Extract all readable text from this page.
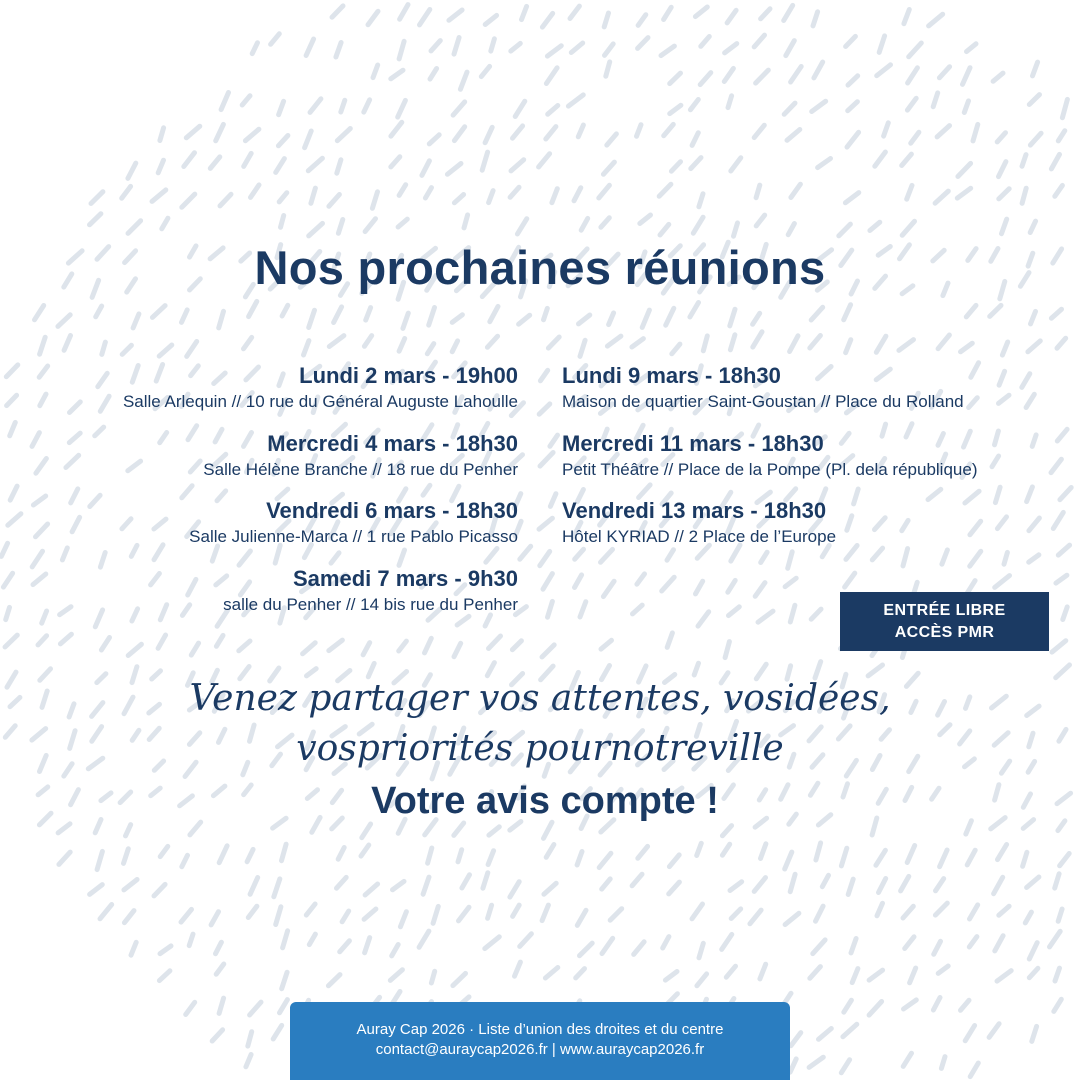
Nos prochaines réunions
Lundi 2 mars - 19h00
Salle Arlequin // 10 rue du Général Auguste Lahoulle
Mercredi 4 mars - 18h30
Salle Hélène Branche // 18 rue du Penher
Vendredi 6 mars - 18h30
Salle Julienne-Marca // 1 rue Pablo Picasso
Samedi 7 mars - 9h30
salle du Penher // 14 bis rue du Penher
Lundi 9 mars - 18h30
Maison de quartier Saint-Goustan // Place du Rolland
Mercredi 11 mars - 18h30
Petit Théâtre // Place de la Pompe (Pl. dela république)
Vendredi 13 mars - 18h30
Hôtel KYRIAD // 2 Place de l’Europe
ENTRÉE LIBRE
ACCÈS PMR
Venez partager vos attentes, vosidées,
vospriorités pournotreville
Votre avis compte !
Auray Cap 2026 · Liste d’union des droites et du centre
contact@auraycap2026.fr | www.auraycap2026.fr
